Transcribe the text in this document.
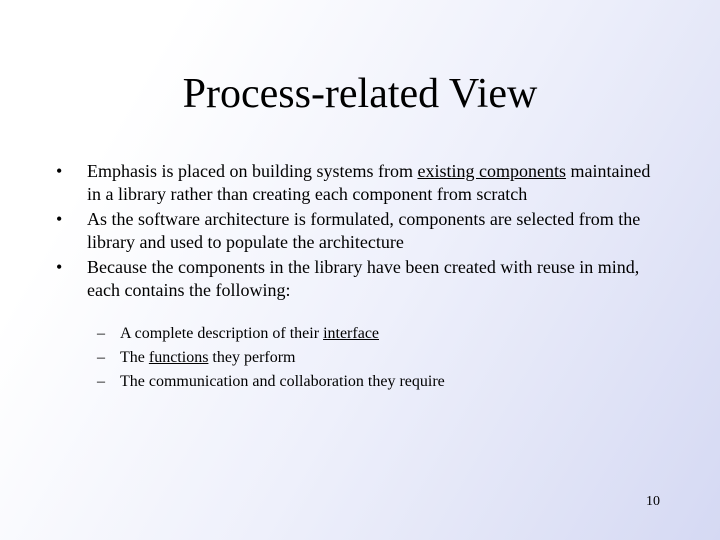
Process-related View
•	Emphasis is placed on building systems from existing components maintained in a library rather than creating each component from scratch
•	As the software architecture is formulated, components are selected from the library and used to populate the architecture
•	Because the components in the library have been created with reuse in mind, each contains the following:
– A complete description of their interface
– The functions they perform
– The communication and collaboration they require
10
